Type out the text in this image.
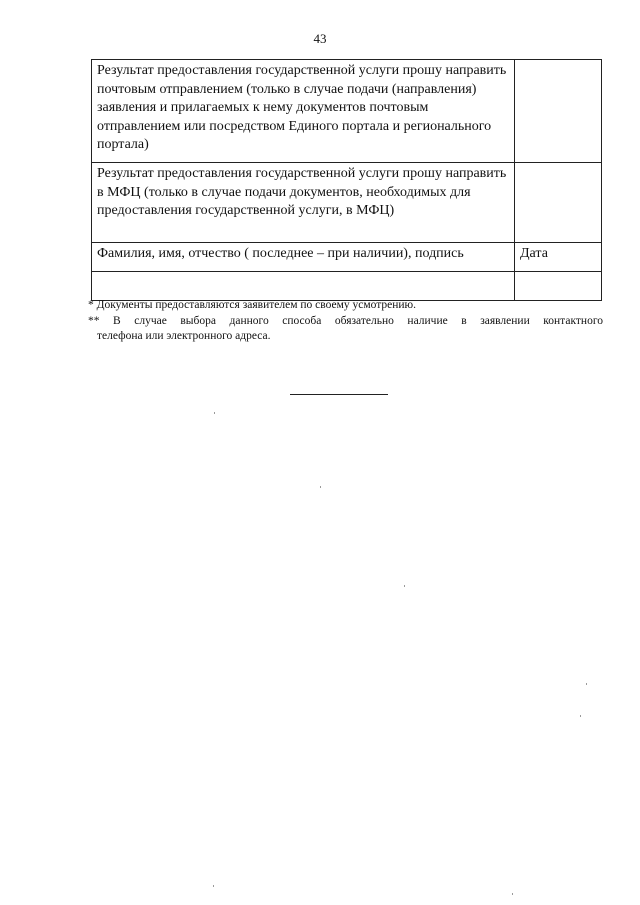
43
Результат предоставления государственной услуги прошу направить почтовым отправлением (только в случае подачи (направления) заявления и прилагаемых к нему документов почтовым отправлением или посредством Единого портала и регионального портала)	
Результат предоставления государственной услуги прошу направить в МФЦ (только в случае подачи документов, необходимых для предоставления государственной услуги, в МФЦ)	
Фамилия, имя, отчество ( последнее – при наличии), подпись	Дата

* Документы предоставляются заявителем по своему усмотрению.

** В случае выбора данного способа обязательно наличие в заявлении контактного

телефона или электронного адреса.
